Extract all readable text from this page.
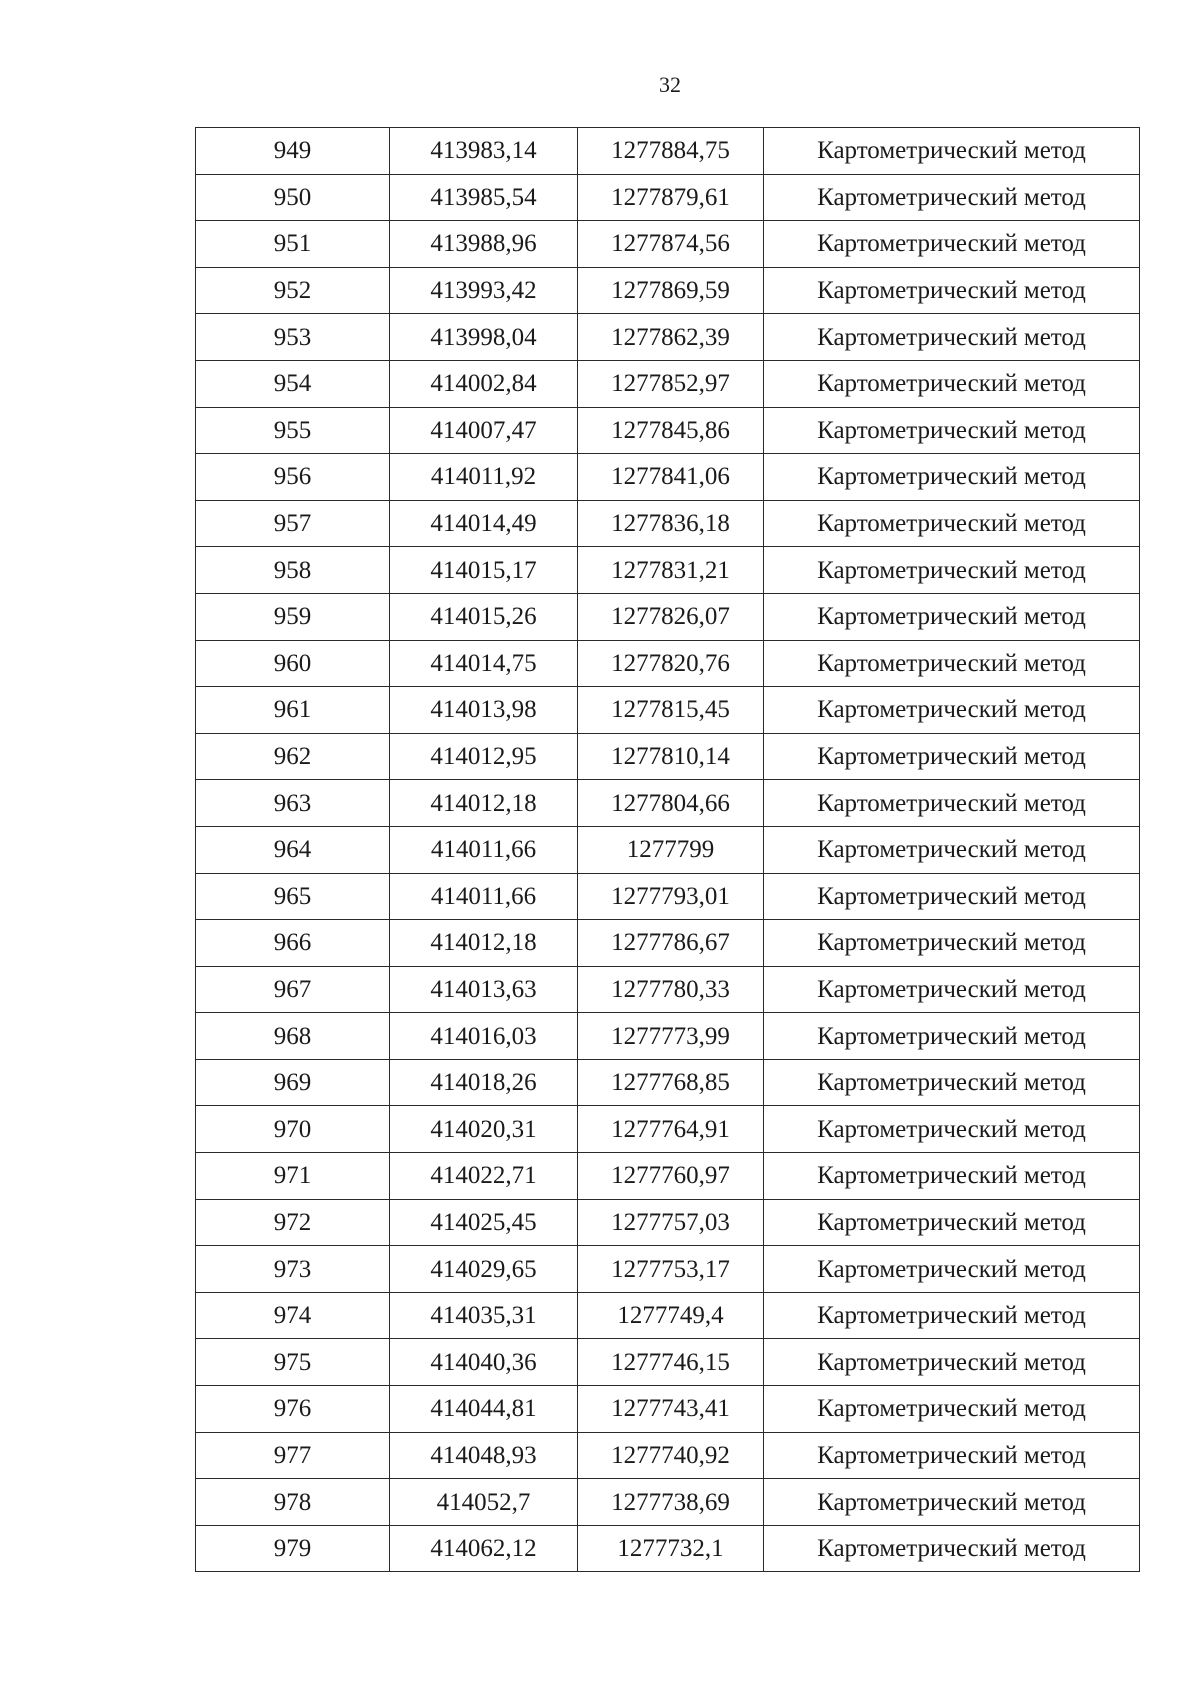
32
949	413983,14	1277884,75	Картометрический метод
950	413985,54	1277879,61	Картометрический метод
951	413988,96	1277874,56	Картометрический метод
952	413993,42	1277869,59	Картометрический метод
953	413998,04	1277862,39	Картометрический метод
954	414002,84	1277852,97	Картометрический метод
955	414007,47	1277845,86	Картометрический метод
956	414011,92	1277841,06	Картометрический метод
957	414014,49	1277836,18	Картометрический метод
958	414015,17	1277831,21	Картометрический метод
959	414015,26	1277826,07	Картометрический метод
960	414014,75	1277820,76	Картометрический метод
961	414013,98	1277815,45	Картометрический метод
962	414012,95	1277810,14	Картометрический метод
963	414012,18	1277804,66	Картометрический метод
964	414011,66	1277799	Картометрический метод
965	414011,66	1277793,01	Картометрический метод
966	414012,18	1277786,67	Картометрический метод
967	414013,63	1277780,33	Картометрический метод
968	414016,03	1277773,99	Картометрический метод
969	414018,26	1277768,85	Картометрический метод
970	414020,31	1277764,91	Картометрический метод
971	414022,71	1277760,97	Картометрический метод
972	414025,45	1277757,03	Картометрический метод
973	414029,65	1277753,17	Картометрический метод
974	414035,31	1277749,4	Картометрический метод
975	414040,36	1277746,15	Картометрический метод
976	414044,81	1277743,41	Картометрический метод
977	414048,93	1277740,92	Картометрический метод
978	414052,7	1277738,69	Картометрический метод
979	414062,12	1277732,1	Картометрический метод
